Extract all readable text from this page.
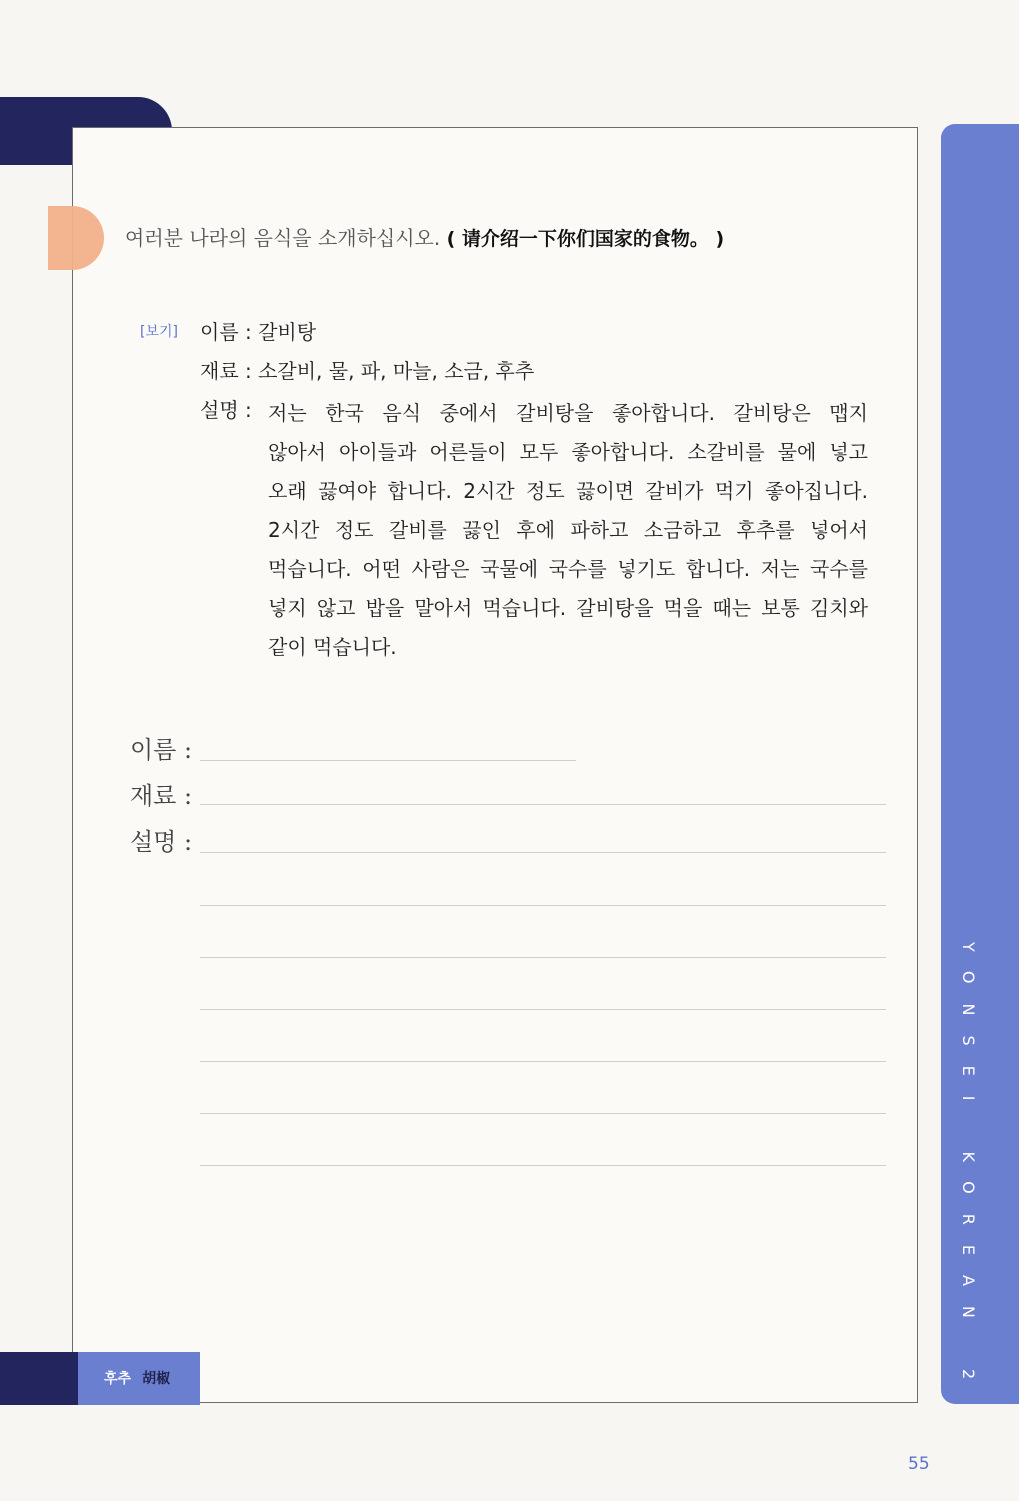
YONSEI KOREAN 2
여러분 나라의 음식을 소개하십시오. ( 请介绍一下你们国家的食物。 )
[보기] 이름 : 갈비탕
재료 : 소갈비, 물, 파, 마늘, 소금, 후추
설명 : 저는 한국 음식 중에서 갈비탕을 좋아합니다. 갈비탕은 맵지
않아서 아이들과 어른들이 모두 좋아합니다. 소갈비를 물에 넣고
오래 끓여야 합니다. 2시간 정도 끓이면 갈비가 먹기 좋아집니다.
2시간 정도 갈비를 끓인 후에 파하고 소금하고 후추를 넣어서
먹습니다. 어떤 사람은 국물에 국수를 넣기도 합니다. 저는 국수를
넣지 않고 밥을 말아서 먹습니다. 갈비탕을 먹을 때는 보통 김치와
같이 먹습니다.
이름 :
재료 :
설명 :
후추 胡椒
55
